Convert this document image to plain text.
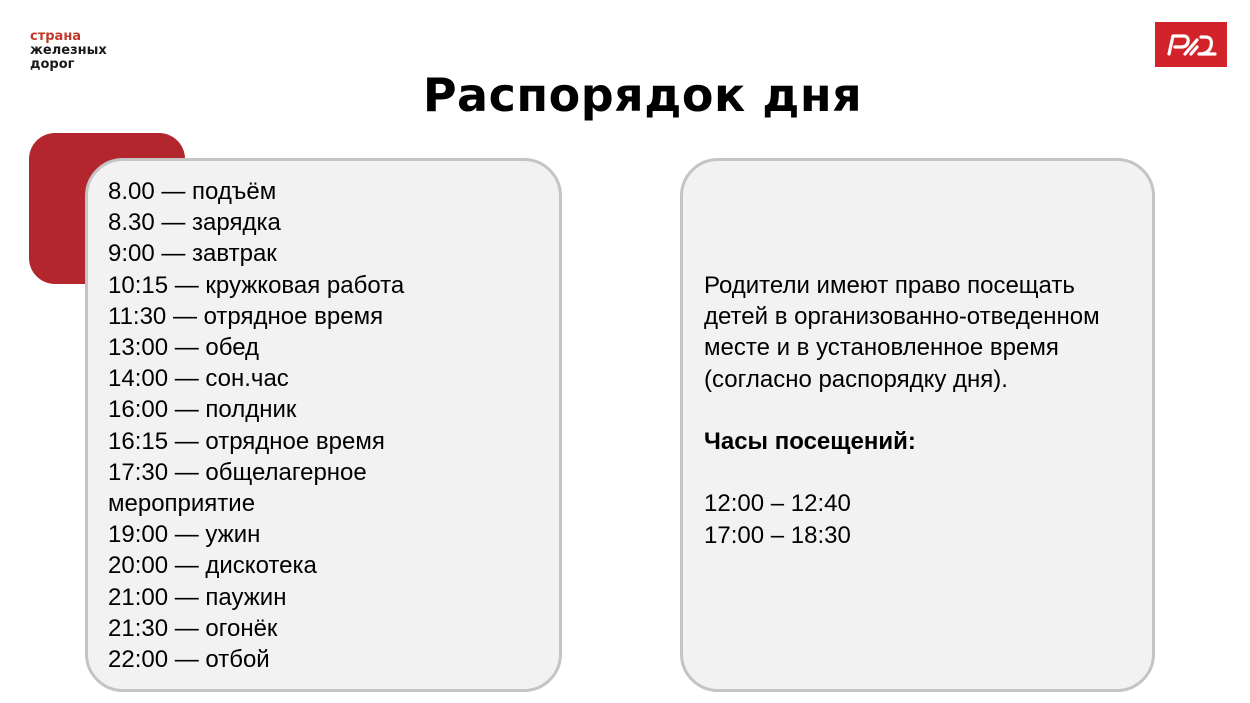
страна
железных
дорог
Распорядок дня
8.00 — подъём
8.30 — зарядка
9:00 — завтрак
10:15 — кружковая работа
11:30 — отрядное время
13:00 — обед
14:00 — сон.час
16:00 — полдник
16:15 — отрядное время
17:30 — общелагерное
мероприятие
19:00 — ужин
20:00 — дискотека
21:00 — паужин
21:30 — огонёк
22:00 — отбой

Родители имеют право посещать детей в организованно-отведенном месте и в установленное время (согласно распорядку дня).

Часы посещений:

12:00 – 12:40

17:00 – 18:30
